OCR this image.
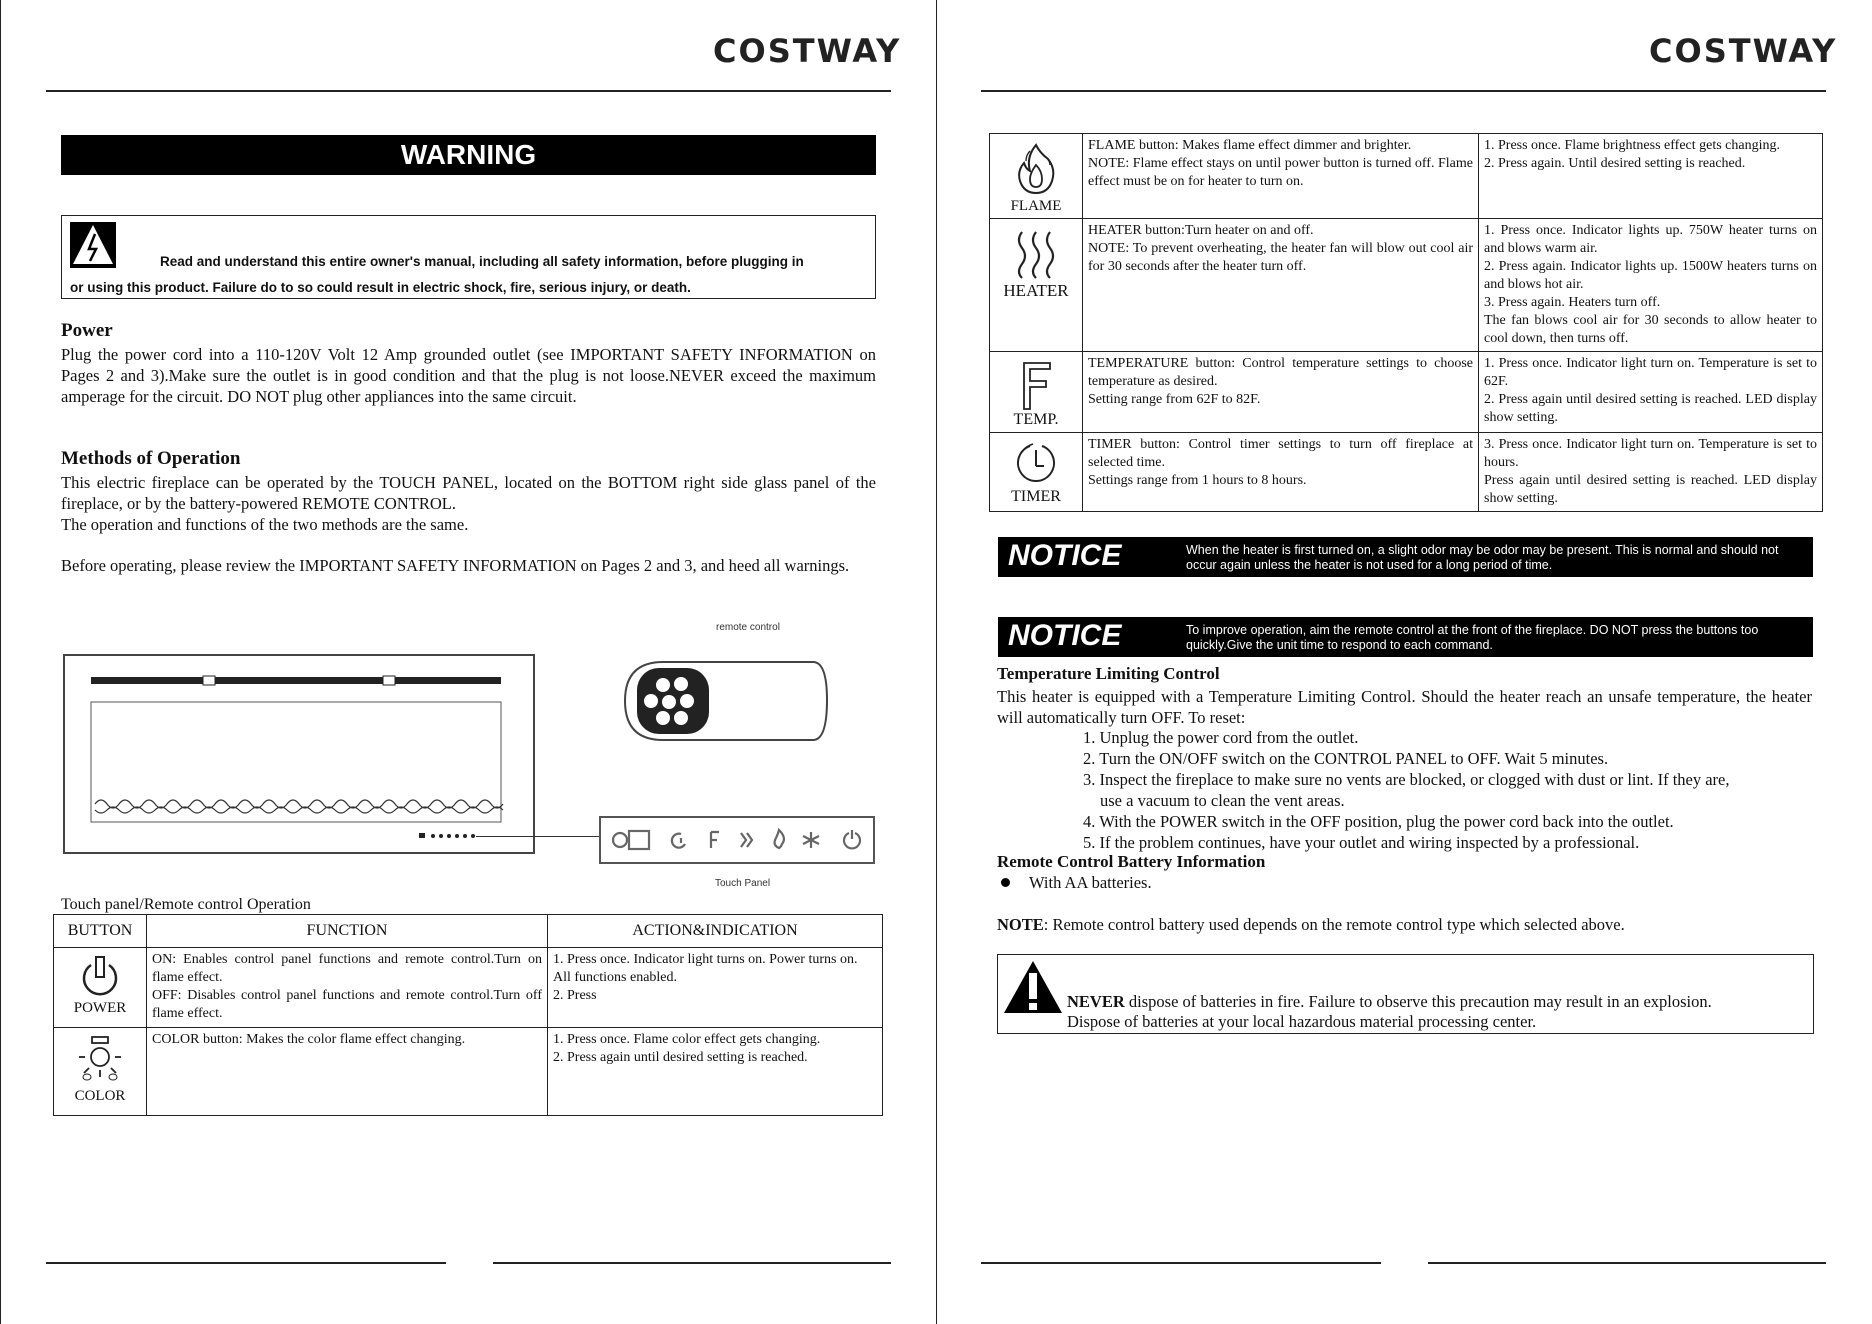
COSTWAY
WARNING
Read and understand this entire owner's manual, including all safety information, before plugging in
or using this product. Failure do to so could result in electric shock, fire, serious injury, or death.
Power
Plug the power cord into a 110-120V Volt 12 Amp grounded outlet (see IMPORTANT SAFETY INFORMATION on Pages 2 and 3).Make sure the outlet is in good condition and that the plug is not loose.NEVER exceed the maximum amperage for the circuit. DO NOT plug other appliances into the same circuit.
Methods of Operation
This electric fireplace can be operated by the TOUCH PANEL, located on the BOTTOM right side glass panel of the fireplace, or by the battery-powered REMOTE CONTROL.
The operation and functions of the two methods are the same.
Before operating, please review the IMPORTANT SAFETY INFORMATION on Pages 2 and 3, and heed all warnings.
remote control
Touch Panel
Touch panel/Remote control Operation
BUTTON	FUNCTION	ACTION&INDICATION

POWER	ON: Enables control panel functions and remote control.Turn on flame effect.
OFF: Disables control panel functions and remote control.Turn off flame effect.	1. Press once. Indicator light turns on. Power turns on. All functions enabled.
2. Press

COLOR	COLOR button: Makes the color flame effect changing.	1. Press once. Flame color effect gets changing.
2. Press again until desired setting is reached.
COSTWAY
FLAME	FLAME button: Makes flame effect dimmer and brighter.
NOTE: Flame effect stays on until power button is turned off. Flame effect must be on for heater to turn on.	1. Press once. Flame brightness effect gets changing.
2. Press again. Until desired setting is reached.

HEATER	HEATER button:Turn heater on and off.
NOTE: To prevent overheating, the heater fan will blow out cool air for 30 seconds after the heater turn off.	1. Press once. Indicator lights up. 750W heater turns on and blows warm air.
2. Press again. Indicator lights up. 1500W heaters turns on and blows hot air.
3. Press again. Heaters turn off.
The fan blows cool air for 30 seconds to allow heater to cool down, then turns off.

TEMP.	TEMPERATURE button: Control temperature settings to choose temperature as desired.
Setting range from 62F to 82F.	1. Press once. Indicator light turn on. Temperature is set to 62F.
2. Press again until desired setting is reached. LED display show setting.

TIMER	TIMER button: Control timer settings to turn off fireplace at selected time.
Settings range from 1 hours to 8 hours.	3. Press once. Indicator light turn on. Temperature is set to hours.
Press again until desired setting is reached. LED display show setting.
NOTICE	When the heater is first turned on, a slight odor may be odor may be present. This is normal and should not occur again unless the heater is not used for a long period of time.
NOTICE	To improve operation, aim the remote control at the front of the fireplace. DO NOT press the buttons too quickly.Give the unit time to respond to each command.
Temperature Limiting Control
This heater is equipped with a Temperature Limiting Control. Should the heater reach an unsafe temperature, the heater will automatically turn OFF. To reset:
1. Unplug the power cord from the outlet.
2. Turn the ON/OFF switch on the CONTROL PANEL to OFF. Wait 5 minutes.
3. Inspect the fireplace to make sure no vents are blocked, or clogged with dust or lint. If they are,
use a vacuum to clean the vent areas.
4. With the POWER switch in the OFF position, plug the power cord back into the outlet.
5. If the problem continues, have your outlet and wiring inspected by a professional.
Remote Control Battery Information
With AA batteries.
NOTE: Remote control battery used depends on the remote control type which selected above.
NEVER dispose of batteries in fire. Failure to observe this precaution may result in an explosion.
Dispose of batteries at your local hazardous material processing center.
